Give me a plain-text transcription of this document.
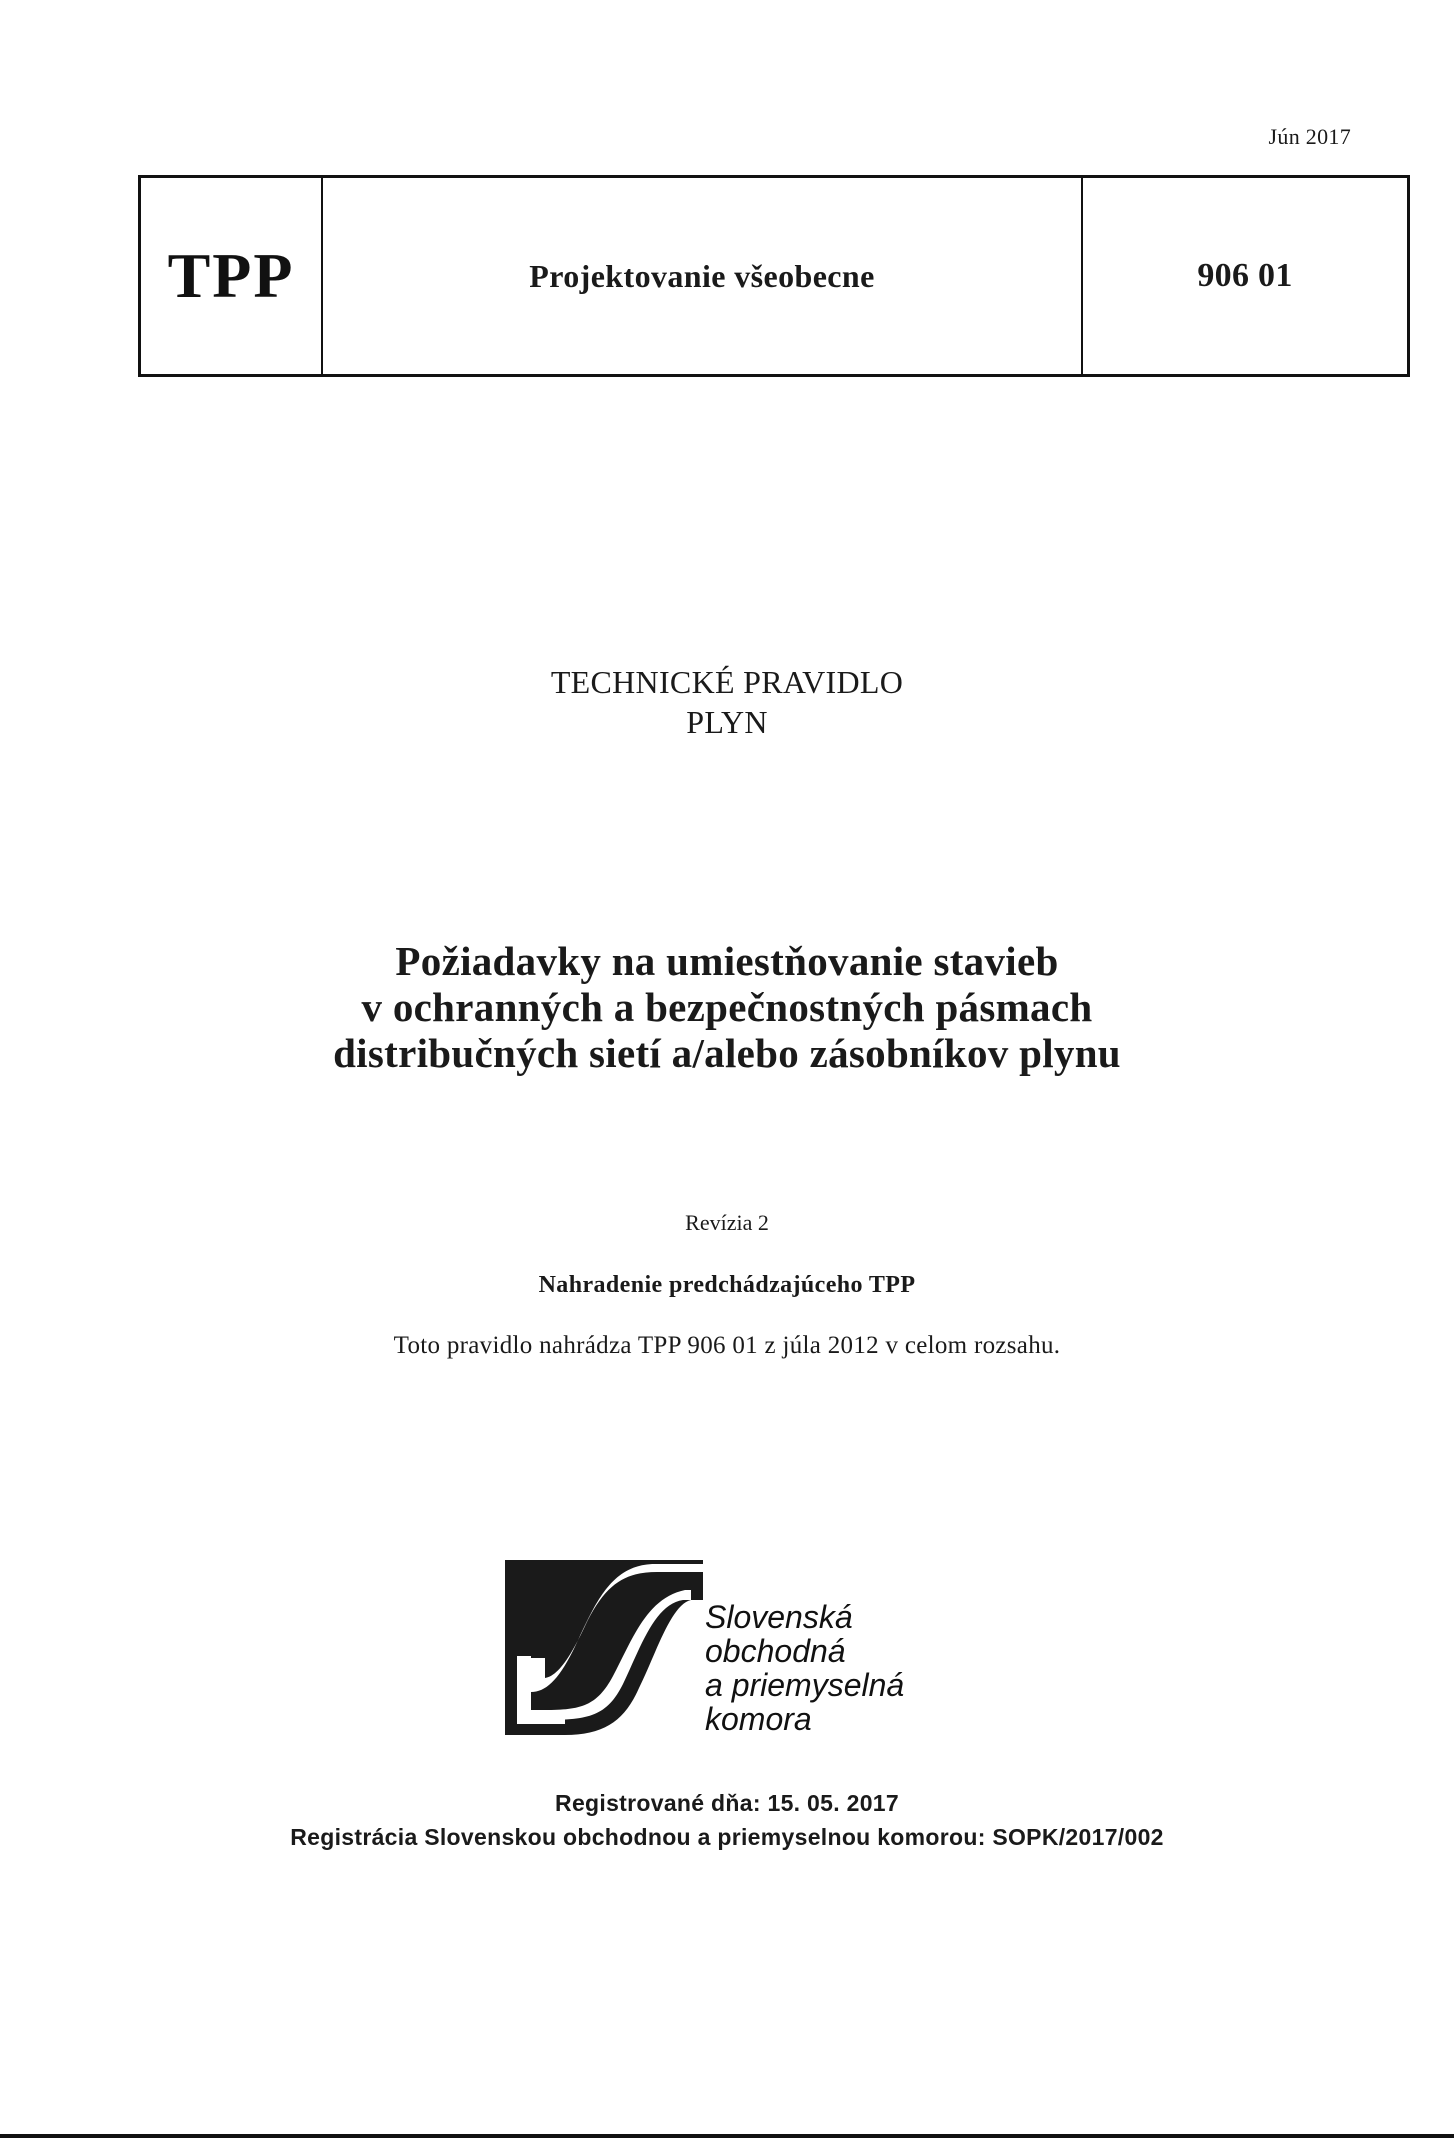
Jún 2017
TPP	Projektovanie všeobecne	906 01
TECHNICKÉ PRAVIDLO
PLYN
Požiadavky na umiestňovanie stavieb
v ochranných a bezpečnostných pásmach
distribučných sietí a/alebo zásobníkov plynu
Revízia 2
Nahradenie predchádzajúceho TPP
Toto pravidlo nahrádza TPP 906 01 z júla 2012 v celom rozsahu.
Slovenská
obchodná
a priemyselná
komora
Registrované dňa: 15. 05. 2017
Registrácia Slovenskou obchodnou a priemyselnou komorou: SOPK/2017/002
